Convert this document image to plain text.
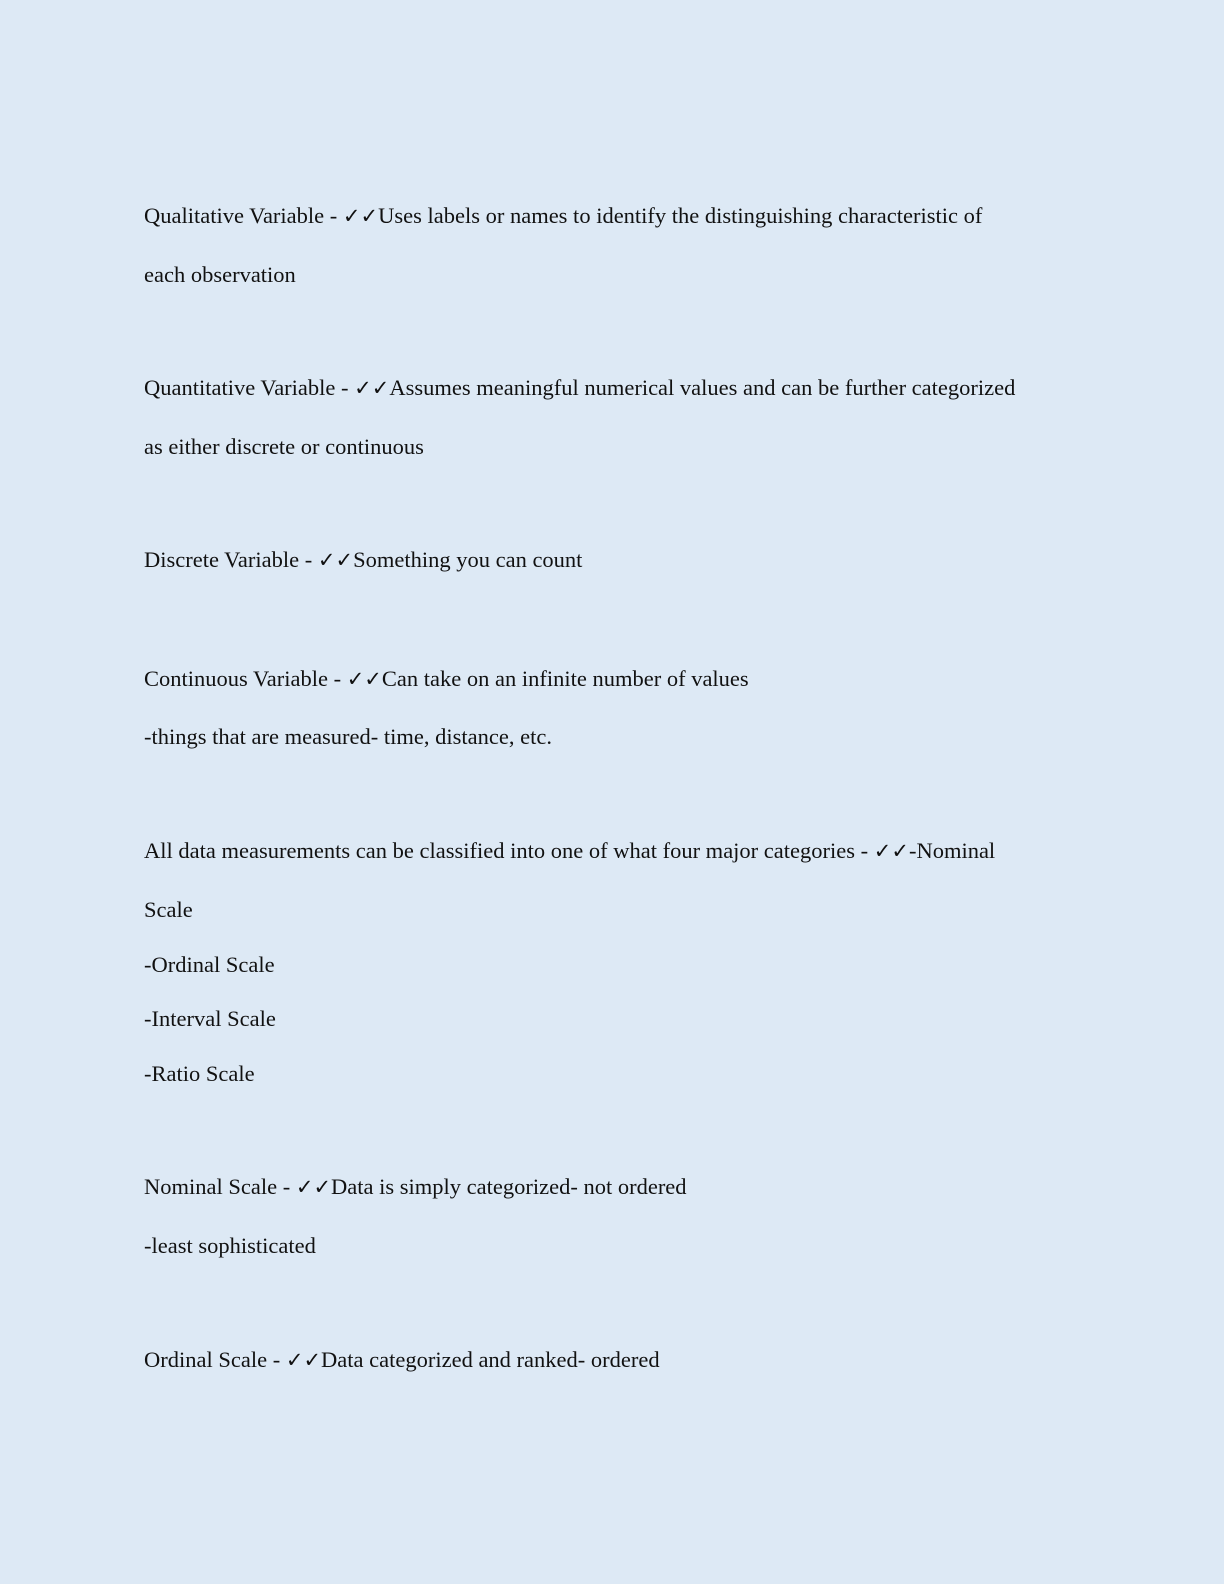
Qualitative Variable - ✓✓Uses labels or names to identify the distinguishing characteristic of
each observation
Quantitative Variable - ✓✓Assumes meaningful numerical values and can be further categorized
as either discrete or continuous
Discrete Variable - ✓✓Something you can count
Continuous Variable - ✓✓Can take on an infinite number of values
-things that are measured- time, distance, etc.
All data measurements can be classified into one of what four major categories - ✓✓-Nominal
Scale
-Ordinal Scale
-Interval Scale
-Ratio Scale
Nominal Scale - ✓✓Data is simply categorized- not ordered
-least sophisticated
Ordinal Scale - ✓✓Data categorized and ranked- ordered
